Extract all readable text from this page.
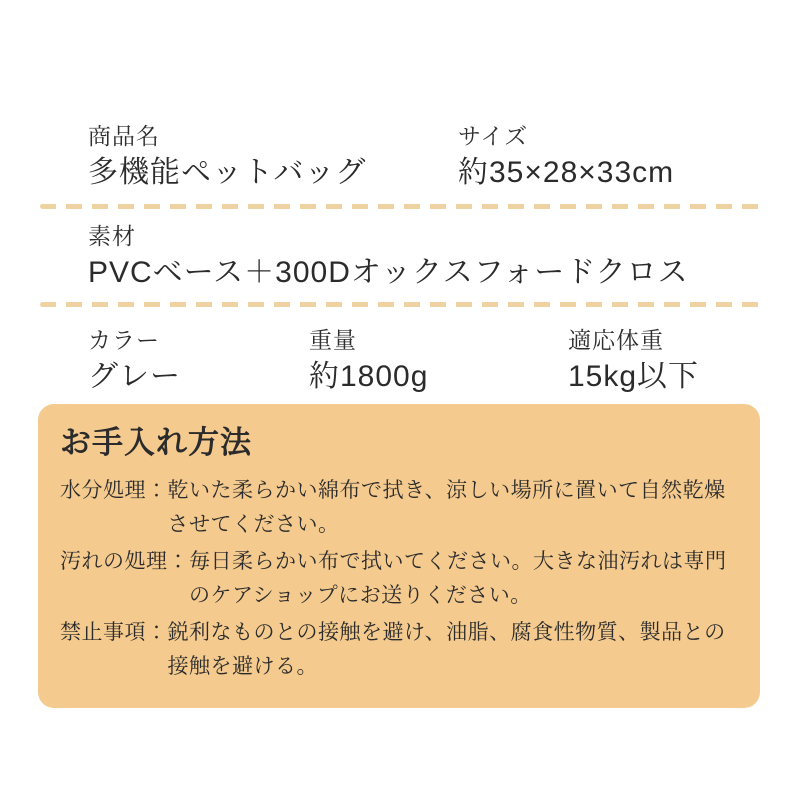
商品名
多機能ペットバッグ
サイズ
約35×28×33cm
素材
PVCベース＋300Dオックスフォードクロス
カラー
グレー
重量
約1800g
適応体重
15kg以下
お手入れ方法
水分処理： 乾いた柔らかい綿布で拭き、涼しい場所に置いて自然乾燥させてください。
汚れの処理： 毎日柔らかい布で拭いてください。大きな油汚れは専門のケアショップにお送りください。
禁止事項： 鋭利なものとの接触を避け、油脂、腐食性物質、製品との接触を避ける。
